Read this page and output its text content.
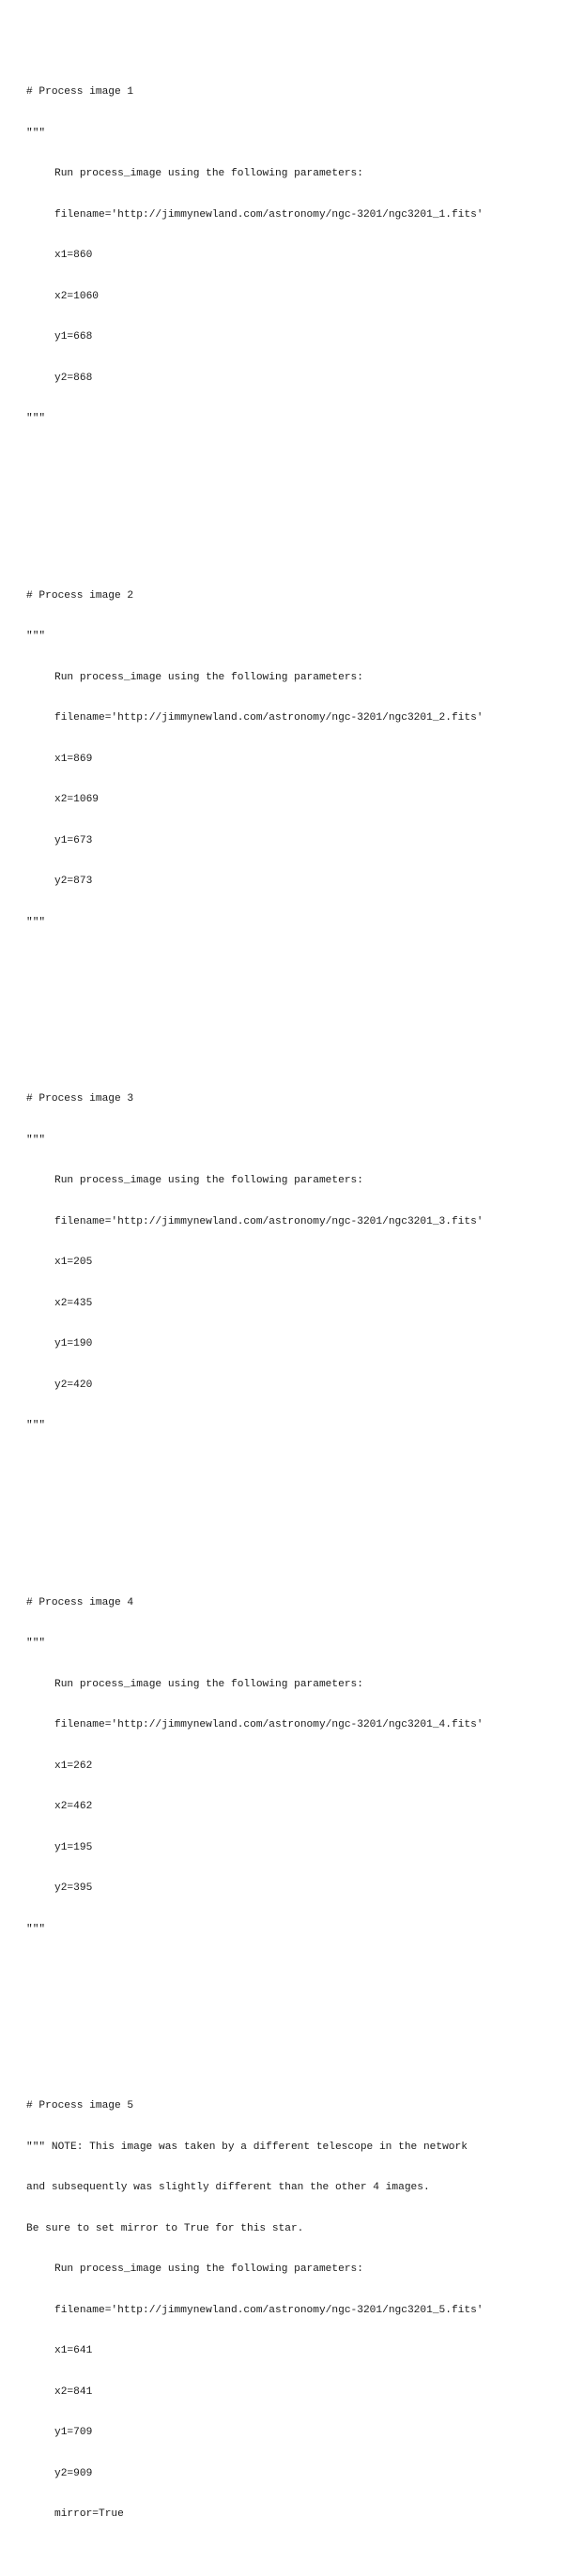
# Process image 1

"""

Run process_image using the following parameters:

filename='http://jimmynewland.com/astronomy/ngc-3201/ngc3201_1.fits'

x1=860

x2=1060

y1=668

y2=868

"""

# Process image 2

"""

Run process_image using the following parameters:

filename='http://jimmynewland.com/astronomy/ngc-3201/ngc3201_2.fits'

x1=869

x2=1069

y1=673

y2=873

"""

# Process image 3

"""

Run process_image using the following parameters:

filename='http://jimmynewland.com/astronomy/ngc-3201/ngc3201_3.fits'

x1=205

x2=435

y1=190

y2=420

"""

# Process image 4

"""

Run process_image using the following parameters:

filename='http://jimmynewland.com/astronomy/ngc-3201/ngc3201_4.fits'

x1=262

x2=462

y1=195

y2=395

"""

# Process image 5

""" NOTE: This image was taken by a different telescope in the network

and subsequently was slightly different than the other 4 images.

Be sure to set mirror to True for this star.

Run process_image using the following parameters:

filename='http://jimmynewland.com/astronomy/ngc-3201/ngc3201_5.fits'

x1=641

x2=841

y1=709

y2=909

mirror=True
